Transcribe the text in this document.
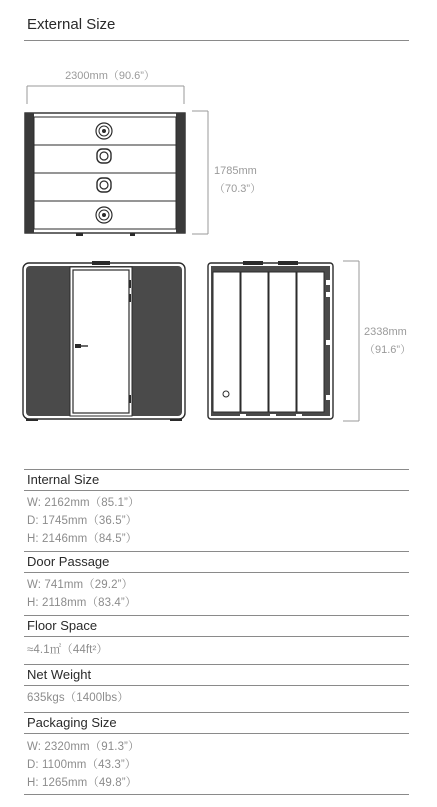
External Size
2300mm（90.6”）
1785mm
（70.3”）
2338mm
（91.6”）
Internal Size
W: 2162mm（85.1”）
D: 1745mm（36.5”）
H: 2146mm（84.5”）
Door Passage
W: 741mm（29.2”）
H: 2118mm（83.4”）
Floor Space
≈4.1㎡（44ft²）
Net Weight
635kgs（1400lbs）
Packaging Size
W: 2320mm（91.3”）
D: 1100mm（43.3”）
H: 1265mm（49.8”）
